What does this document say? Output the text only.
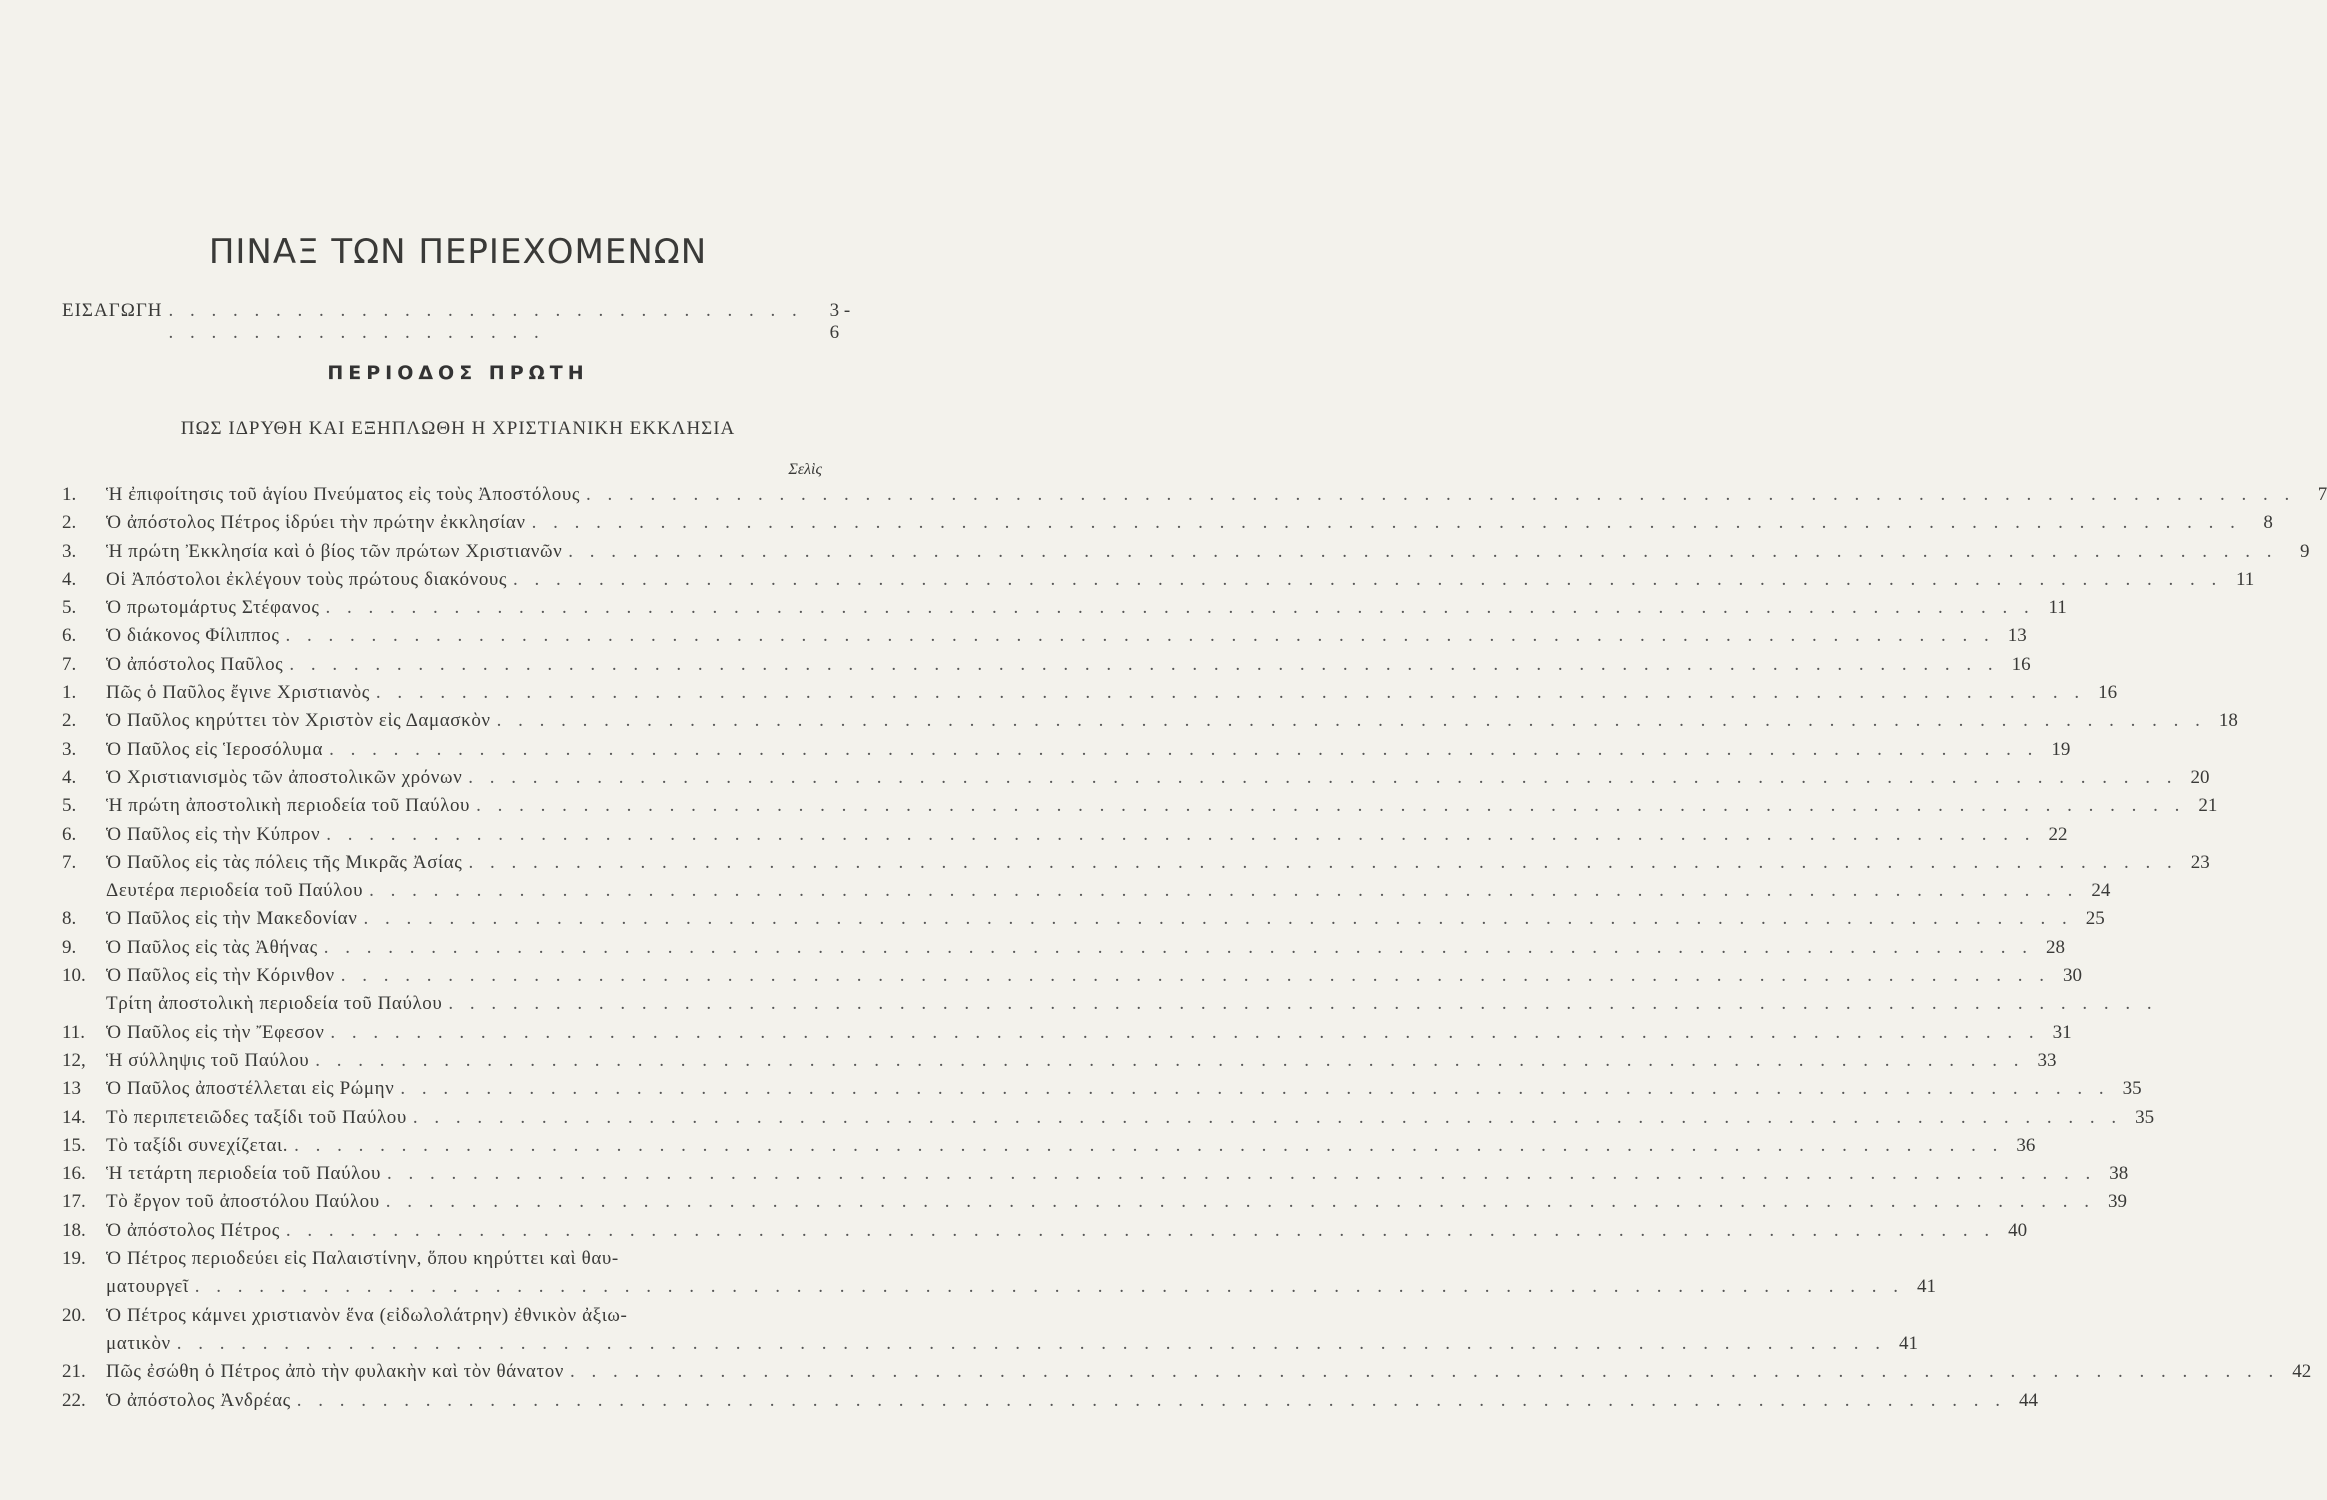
ΠΙΝΑΞ ΤΩΝ ΠΕΡΙΕΧΟΜΕΝΩΝ
ΕΙΣΑΓΩΓΗ . . . . . . . . . . . . . . . . . . . . . . . . . . . . . . . . . . . . . . . . . . . . . . . .
3 - 6
ΠΕΡΙΟΔΟΣ ΠΡΩΤΗ
ΠΩΣ ΙΔΡΥΘΗ ΚΑΙ ΕΞΗΠΛΩΘΗ Η ΧΡΙΣΤΙΑΝΙΚΗ ΕΚΚΛΗΣΙΑ
Σελὶς
1.	Ἡ ἐπιφοίτησις τοῦ ἁγίου Πνεύματος εἰς τοὺς Ἀποστόλους . . . . . . . . . . . . . . . . . . . . . . . . . . . . . . . . . . . . . . . . . . . . . . . . . . . . . . . . . . . . . . . . . . . . . . . . . . . . . . . .	7
2.	Ὁ ἀπόστολος Πέτρος ἱδρύει τὴν πρώτην ἐκκλησίαν . . . . . . . . . . . . . . . . . . . . . . . . . . . . . . . . . . . . . . . . . . . . . . . . . . . . . . . . . . . . . . . . . . . . . . . . . . . . . . . .	8
3.	Ἡ πρώτη Ἐκκλησία καὶ ὁ βίος τῶν πρώτων Χριστιανῶν . . . . . . . . . . . . . . . . . . . . . . . . . . . . . . . . . . . . . . . . . . . . . . . . . . . . . . . . . . . . . . . . . . . . . . . . . . . . . . . .	9
4.	Οἱ Ἀπόστολοι ἐκλέγουν τοὺς πρώτους διακόνους . . . . . . . . . . . . . . . . . . . . . . . . . . . . . . . . . . . . . . . . . . . . . . . . . . . . . . . . . . . . . . . . . . . . . . . . . . . . . . . . 11
5.	Ὁ πρωτομάρτυς Στέφανος . . . . . . . . . . . . . . . . . . . . . . . . . . . . . . . . . . . . . . . . . . . . . . . . . . . . . . . . . . . . . . . . . . . . . . . . . . . . . . . . 11
6.	Ὁ διάκονος Φίλιππος . . . . . . . . . . . . . . . . . . . . . . . . . . . . . . . . . . . . . . . . . . . . . . . . . . . . . . . . . . . . . . . . . . . . . . . . . . . . . . . . 13
7.	Ὁ ἀπόστολος Παῦλος . . . . . . . . . . . . . . . . . . . . . . . . . . . . . . . . . . . . . . . . . . . . . . . . . . . . . . . . . . . . . . . . . . . . . . . . . . . . . . . . 16
1.	Πῶς ὁ Παῦλος ἔγινε Χριστιανὸς . . . . . . . . . . . . . . . . . . . . . . . . . . . . . . . . . . . . . . . . . . . . . . . . . . . . . . . . . . . . . . . . . . . . . . . . . . . . . . . . 16
2.	Ὁ Παῦλος κηρύττει τὸν Χριστὸν εἰς Δαμασκὸν . . . . . . . . . . . . . . . . . . . . . . . . . . . . . . . . . . . . . . . . . . . . . . . . . . . . . . . . . . . . . . . . . . . . . . . . . . . . . . . . 18
3.	Ὁ Παῦλος εἰς Ἱεροσόλυμα . . . . . . . . . . . . . . . . . . . . . . . . . . . . . . . . . . . . . . . . . . . . . . . . . . . . . . . . . . . . . . . . . . . . . . . . . . . . . . . . 19
4.	Ὁ Χριστιανισμὸς τῶν ἀποστολικῶν χρόνων . . . . . . . . . . . . . . . . . . . . . . . . . . . . . . . . . . . . . . . . . . . . . . . . . . . . . . . . . . . . . . . . . . . . . . . . . . . . . . . . 20
5.	Ἡ πρώτη ἀποστολικὴ περιοδεία τοῦ Παύλου . . . . . . . . . . . . . . . . . . . . . . . . . . . . . . . . . . . . . . . . . . . . . . . . . . . . . . . . . . . . . . . . . . . . . . . . . . . . . . . . 21
6.	Ὁ Παῦλος εἰς τὴν Κύπρον . . . . . . . . . . . . . . . . . . . . . . . . . . . . . . . . . . . . . . . . . . . . . . . . . . . . . . . . . . . . . . . . . . . . . . . . . . . . . . . . 22
7.	Ὁ Παῦλος εἰς τὰς πόλεις τῆς Μικρᾶς Ἀσίας . . . . . . . . . . . . . . . . . . . . . . . . . . . . . . . . . . . . . . . . . . . . . . . . . . . . . . . . . . . . . . . . . . . . . . . . . . . . . . . . 23
Δευτέρα περιοδεία τοῦ Παύλου . . . . . . . . . . . . . . . . . . . . . . . . . . . . . . . . . . . . . . . . . . . . . . . . . . . . . . . . . . . . . . . . . . . . . . . . . . . . . . . . 24
8.	Ὁ Παῦλος εἰς τὴν Μακεδονίαν . . . . . . . . . . . . . . . . . . . . . . . . . . . . . . . . . . . . . . . . . . . . . . . . . . . . . . . . . . . . . . . . . . . . . . . . . . . . . . . . 25
9.	Ὁ Παῦλος εἰς τὰς Ἀθήνας . . . . . . . . . . . . . . . . . . . . . . . . . . . . . . . . . . . . . . . . . . . . . . . . . . . . . . . . . . . . . . . . . . . . . . . . . . . . . . . . 28
10.	Ὁ Παῦλος εἰς τὴν Κόρινθον . . . . . . . . . . . . . . . . . . . . . . . . . . . . . . . . . . . . . . . . . . . . . . . . . . . . . . . . . . . . . . . . . . . . . . . . . . . . . . . . 30
Τρίτη ἀποστολικὴ περιοδεία τοῦ Παύλου . . . . . . . . . . . . . . . . . . . . . . . . . . . . . . . . . . . . . . . . . . . . . . . . . . . . . . . . . . . . . . . . . . . . . . . . . . . . . . . .
11.	Ὁ Παῦλος εἰς τὴν Ἔφεσον . . . . . . . . . . . . . . . . . . . . . . . . . . . . . . . . . . . . . . . . . . . . . . . . . . . . . . . . . . . . . . . . . . . . . . . . . . . . . . . . 31
12,	Ἡ σύλληψις τοῦ Παύλου . . . . . . . . . . . . . . . . . . . . . . . . . . . . . . . . . . . . . . . . . . . . . . . . . . . . . . . . . . . . . . . . . . . . . . . . . . . . . . . . 33
13	Ὁ Παῦλος ἀποστέλλεται εἰς Ρώμην . . . . . . . . . . . . . . . . . . . . . . . . . . . . . . . . . . . . . . . . . . . . . . . . . . . . . . . . . . . . . . . . . . . . . . . . . . . . . . . . 35
14.	Τὸ περιπετειῶδες ταξίδι τοῦ Παύλου . . . . . . . . . . . . . . . . . . . . . . . . . . . . . . . . . . . . . . . . . . . . . . . . . . . . . . . . . . . . . . . . . . . . . . . . . . . . . . . . 35
15.	Τὸ ταξίδι συνεχίζεται. . . . . . . . . . . . . . . . . . . . . . . . . . . . . . . . . . . . . . . . . . . . . . . . . . . . . . . . . . . . . . . . . . . . . . . . . . . . . . . . . 36
16.	Ἡ τετάρτη περιοδεία τοῦ Παύλου . . . . . . . . . . . . . . . . . . . . . . . . . . . . . . . . . . . . . . . . . . . . . . . . . . . . . . . . . . . . . . . . . . . . . . . . . . . . . . . . 38
17.	Τὸ ἔργον τοῦ ἀποστόλου Παύλου . . . . . . . . . . . . . . . . . . . . . . . . . . . . . . . . . . . . . . . . . . . . . . . . . . . . . . . . . . . . . . . . . . . . . . . . . . . . . . . . 39
18.	Ὁ ἀπόστολος Πέτρος . . . . . . . . . . . . . . . . . . . . . . . . . . . . . . . . . . . . . . . . . . . . . . . . . . . . . . . . . . . . . . . . . . . . . . . . . . . . . . . . 40
19.	Ὁ Πέτρος περιοδεύει εἰς Παλαιστίνην, ὅπου κηρύττει καὶ θαυ-
ματουργεῖ . . . . . . . . . . . . . . . . . . . . . . . . . . . . . . . . . . . . . . . . . . . . . . . . . . . . . . . . . . . . . . . . . . . . . . . . . . . . . . . . 41
20.	Ὁ Πέτρος κάμνει χριστιανὸν ἕνα (εἰδωλολάτρην) ἐθνικὸν ἀξιω-
ματικὸν . . . . . . . . . . . . . . . . . . . . . . . . . . . . . . . . . . . . . . . . . . . . . . . . . . . . . . . . . . . . . . . . . . . . . . . . . . . . . . . . 41
21.	Πῶς ἐσώθη ὁ Πέτρος ἀπὸ τὴν φυλακὴν καὶ τὸν θάνατον . . . . . . . . . . . . . . . . . . . . . . . . . . . . . . . . . . . . . . . . . . . . . . . . . . . . . . . . . . . . . . . . . . . . . . . . . . . . . . . . 42
22.	Ὁ ἀπόστολος Ἀνδρέας . . . . . . . . . . . . . . . . . . . . . . . . . . . . . . . . . . . . . . . . . . . . . . . . . . . . . . . . . . . . . . . . . . . . . . . . . . . . . . . . 44
